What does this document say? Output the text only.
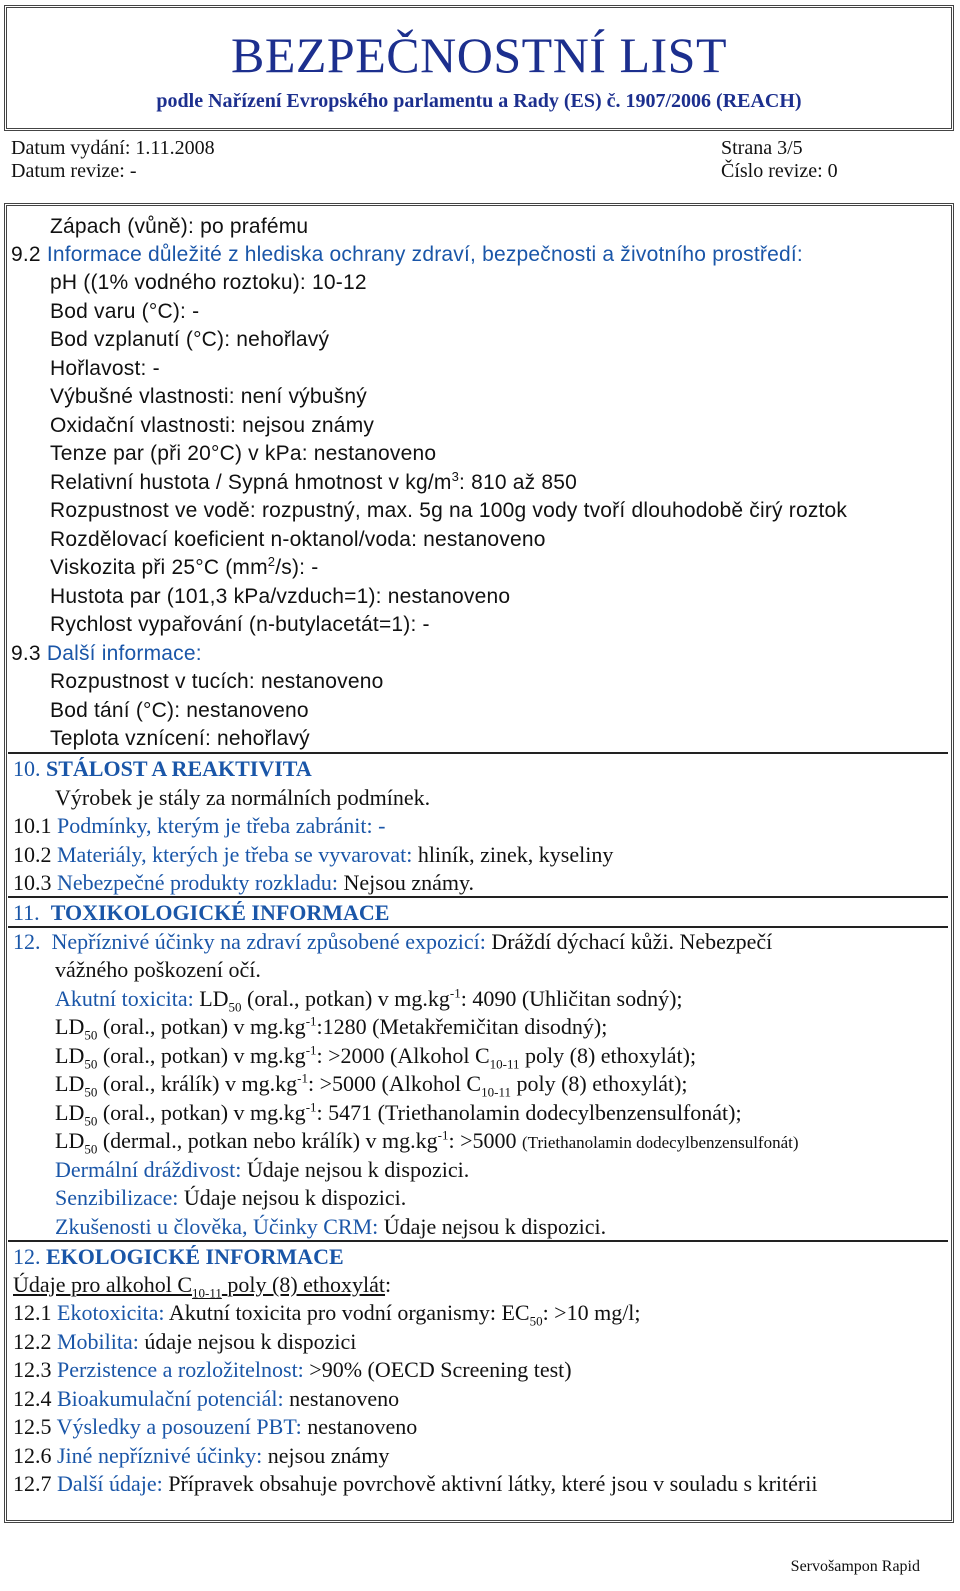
BEZPEČNOSTNÍ LIST
podle Nařízení Evropského parlamentu a Rady (ES) č. 1907/2006 (REACH)
Datum vydání: 1.11.2008
Datum revize: -
Strana 3/5
Číslo revize: 0
Zápach (vůně): po prafému
9.2 Informace důležité z hlediska ochrany zdraví, bezpečnosti a životního prostředí:
pH ((1% vodného roztoku): 10-12
Bod varu (°C): -
Bod vzplanutí (°C): nehořlavý
Hořlavost: -
Výbušné vlastnosti: není výbušný
Oxidační vlastnosti: nejsou známy
Tenze par (při 20°C) v kPa: nestanoveno
Relativní hustota / Sypná hmotnost v $kg/m^3$: 810 až 850
Rozpustnost ve vodě: rozpustný, max. 5g na 100g vody tvoří dlouhodobě čirý roztok
Rozdělovací koeficient n-oktanol/voda: nestanoveno
Viskozita při 25°C $(mm^2/s)$: -
Hustota par (101,3 kPa/vzduch=1): nestanoveno
Rychlost vypařování (n-butylacetát=1): -
9.3 Další informace:
Rozpustnost v tucích: nestanoveno
Bod tání (°C): nestanoveno
Teplota vznícení: nehořlavý
10. STÁLOST A REAKTIVITA
Výrobek je stály za normálních podmínek.
10.1 Podmínky, kterým je třeba zabránit: -
10.2 Materiály, kterých je třeba se vyvarovat: hliník, zinek, kyseliny
10.3 Nebezpečné produkty rozkladu: Nejsou známy.
11. TOXIKOLOGICKÉ INFORMACE
12. Nepříznivé účinky na zdraví způsobené expozicí: Dráždí dýchací kůži. Nebezpečí
vážného poškození očí.
Akutní toxicita: $LD_{50}$ (oral., potkan) v $mg.kg^{-1}$: 4090 (Uhličitan sodný);
$LD_{50}$ (oral., potkan) v $mg.kg^{-1}:1280$ (Metakřemičitan disodný);
$LD_{50}$ (oral., potkan) v $mg.kg^{-1}$: >2000 (Alkohol $C_{10-11}$ poly (8) ethoxylát);
$LD_{50}$ (oral., králík) v $mg.kg^{-1}$: >5000 (Alkohol $C_{10-11}$ poly (8) ethoxylát);
$LD_{50}$ (oral., potkan) v $mg.kg^{-1}$: 5471 (Triethanolamin dodecylbenzensulfonát);
$LD_{50}$ (dermal., potkan nebo králík) v $mg.kg^{-1}$: >5000 (Triethanolamin dodecylbenzensulfonát)
Dermální dráždivost: Údaje nejsou k dispozici.
Senzibilizace: Údaje nejsou k dispozici.
Zkušenosti u člověka, Účinky CRM: Údaje nejsou k dispozici.
12. EKOLOGICKÉ INFORMACE
Údaje pro alkohol $C_{10-11}$ poly (8) ethoxylát:
12.1 Ekotoxicita: Akutní toxicita pro vodní organismy: $EC_{50}$: >10 mg/l;
12.2 Mobilita: údaje nejsou k dispozici
12.3 Perzistence a rozložitelnost: >90% (OECD Screening test)
12.4 Bioakumulační potenciál: nestanoveno
12.5 Výsledky a posouzení PBT: nestanoveno
12.6 Jiné nepříznivé účinky: nejsou známy
12.7 Další údaje: Přípravek obsahuje povrchově aktivní látky, které jsou v souladu s kritérii
Servošampon Rapid
